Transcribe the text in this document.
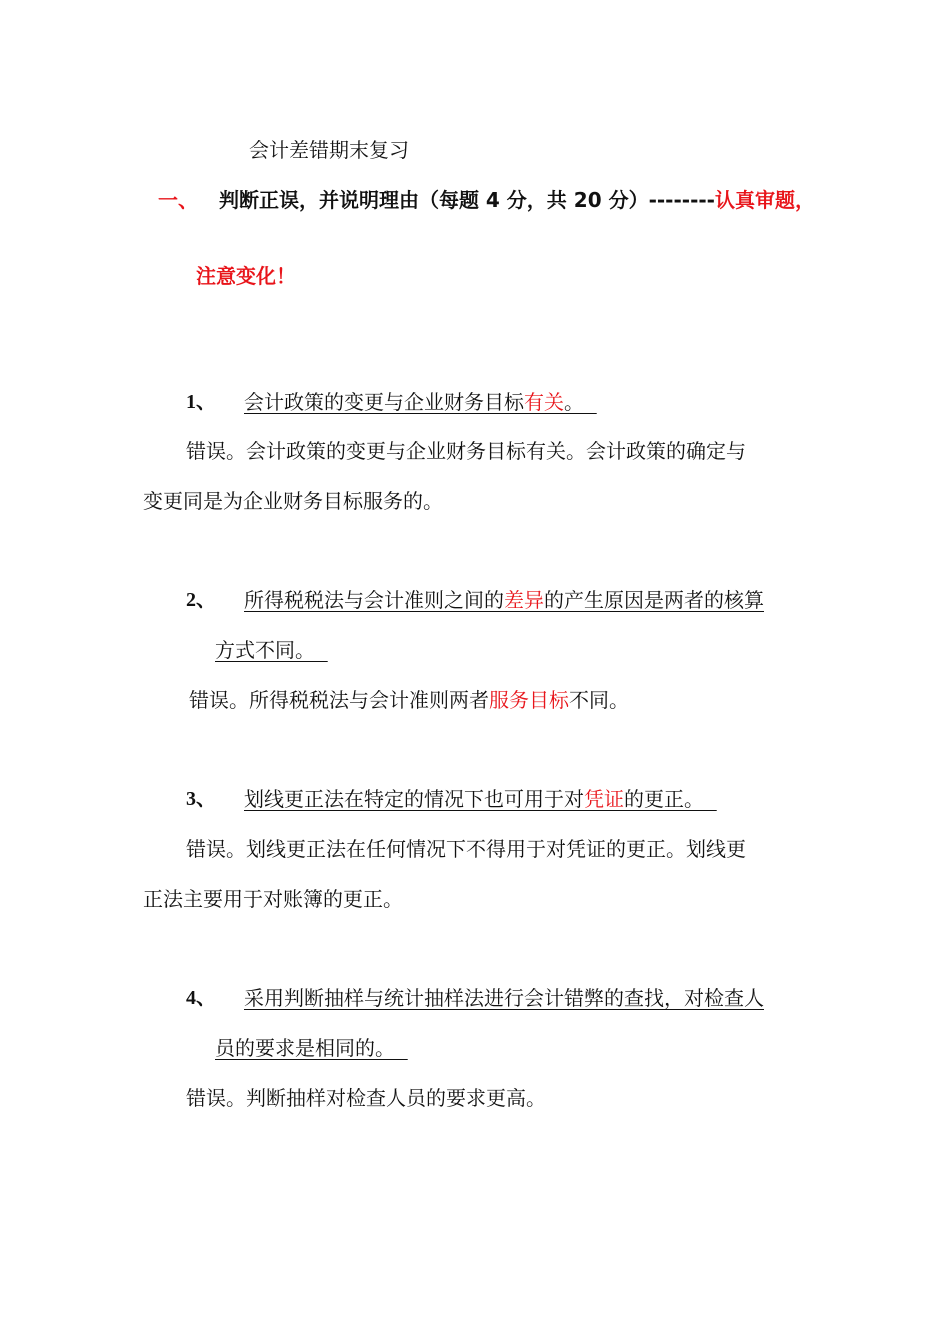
会计差错期末复习
一、 判断正误，并说明理由（每题 4 分，共 20 分）--------认真审题，
注意变化！
1、 会计政策的变更与企业财务目标有关。
错误。会计政策的变更与企业财务目标有关。会计政策的确定与
变更同是为企业财务目标服务的。
2、 所得税税法与会计准则之间的差异的产生原因是两者的核算
方式不同。
错误。所得税税法与会计准则两者服务目标不同。
3、 划线更正法在特定的情况下也可用于对凭证的更正。
错误。划线更正法在任何情况下不得用于对凭证的更正。划线更
正法主要用于对账簿的更正。
4、 采用判断抽样与统计抽样法进行会计错弊的查找，对检查人
员的要求是相同的。
错误。判断抽样对检查人员的要求更高。
